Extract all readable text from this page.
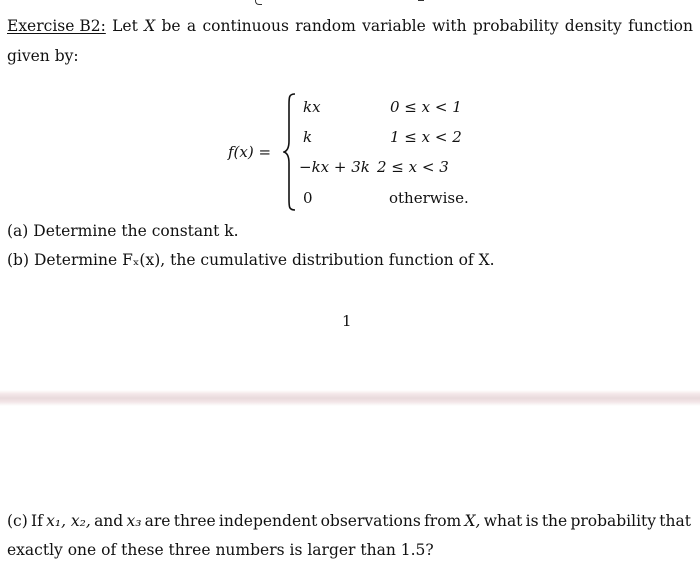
Exercise B2: Let X be a continuous random variable with probability density function
given by:
f(x) =
kx	0 ≤ x < 1
k	1 ≤ x < 2
−kx + 3k 2 ≤ x < 3
0	otherwise.
(a) Determine the constant k.
(b) Determine Fₓ(x), the cumulative distribution function of X.
1
(c) If x₁, x₂, and x₃ are three independent observations from X, what is the probability that
exactly one of these three numbers is larger than 1.5?
